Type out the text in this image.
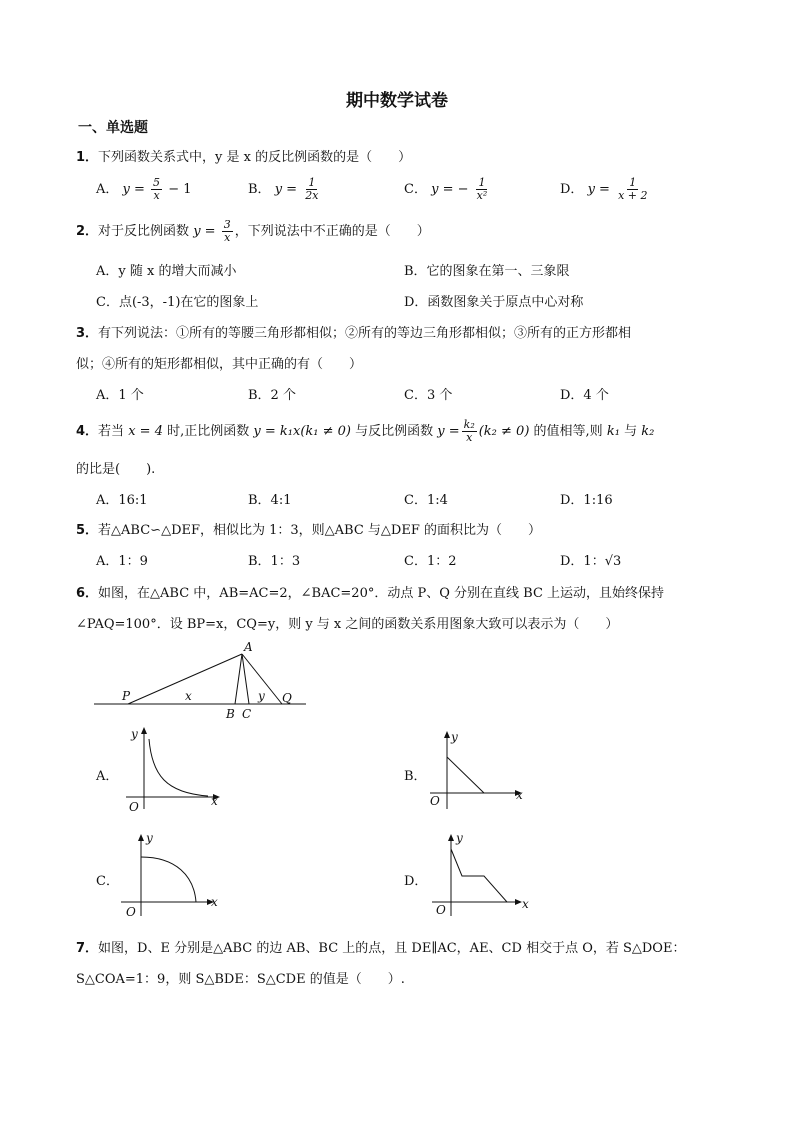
期中数学试卷
一、单选题
1．下列函数关系式中，y 是 x 的反比例函数的是（　　）
A． $y = \frac{5}{x} - 1$	B． $y = \frac{1}{2x}$	C． y = − $\frac{1}{\text{x²}}$	D． $y = \frac{1}{x + 2}$
2．对于反比例函数 $y = \frac{3}{x}$ ，下列说法中不正确的是（　　）
A．y 随 x 的增大而减小	B．它的图象在第一、三象限
C．点(-3，-1)在它的图象上	D．函数图象关于原点中心对称
3．有下列说法：①所有的等腰三角形都相似；②所有的等边三角形都相似；③所有的正方形都相
似；④所有的矩形都相似，其中正确的有（　　）
A．1 个	B．2 个	C．3 个	D．4 个
4．若当 x = 4 时,正比例函数 y = k₁x(k₁ ≠ 0) 与反比例函数 $y = \frac{\text{k₂}}{x} (k_2 \ne 0)$ 的值相等,则 k₁ 与 k₂
的比是(　　).
A．16:1	B．4:1	C．1:4	D．1:16
5．若△ABC∽△DEF，相似比为 1：3，则△ABC 与△DEF 的面积比为（　　）
A．1：9	B．1：3	C．1：2	D．1：√3
6．如图，在△ABC 中，AB=AC=2，∠BAC=20°．动点 P、Q 分别在直线 BC 上运动，且始终保持
∠PAQ=100°．设 BP=x，CQ=y，则 y 与 x 之间的函数关系用图象大致可以表示为（　　）
A
P	x	y Q
B C
A．
y
x
O
B．
y
x
O
C．
y
x
O
D．
y
x
O
7．如图，D、E 分别是△ABC 的边 AB、BC 上的点，且 DE∥AC，AE、CD 相交于点 O，若 S△DOE：
S△COA=1：9，则 S△BDE：S△CDE 的值是（　　）.
